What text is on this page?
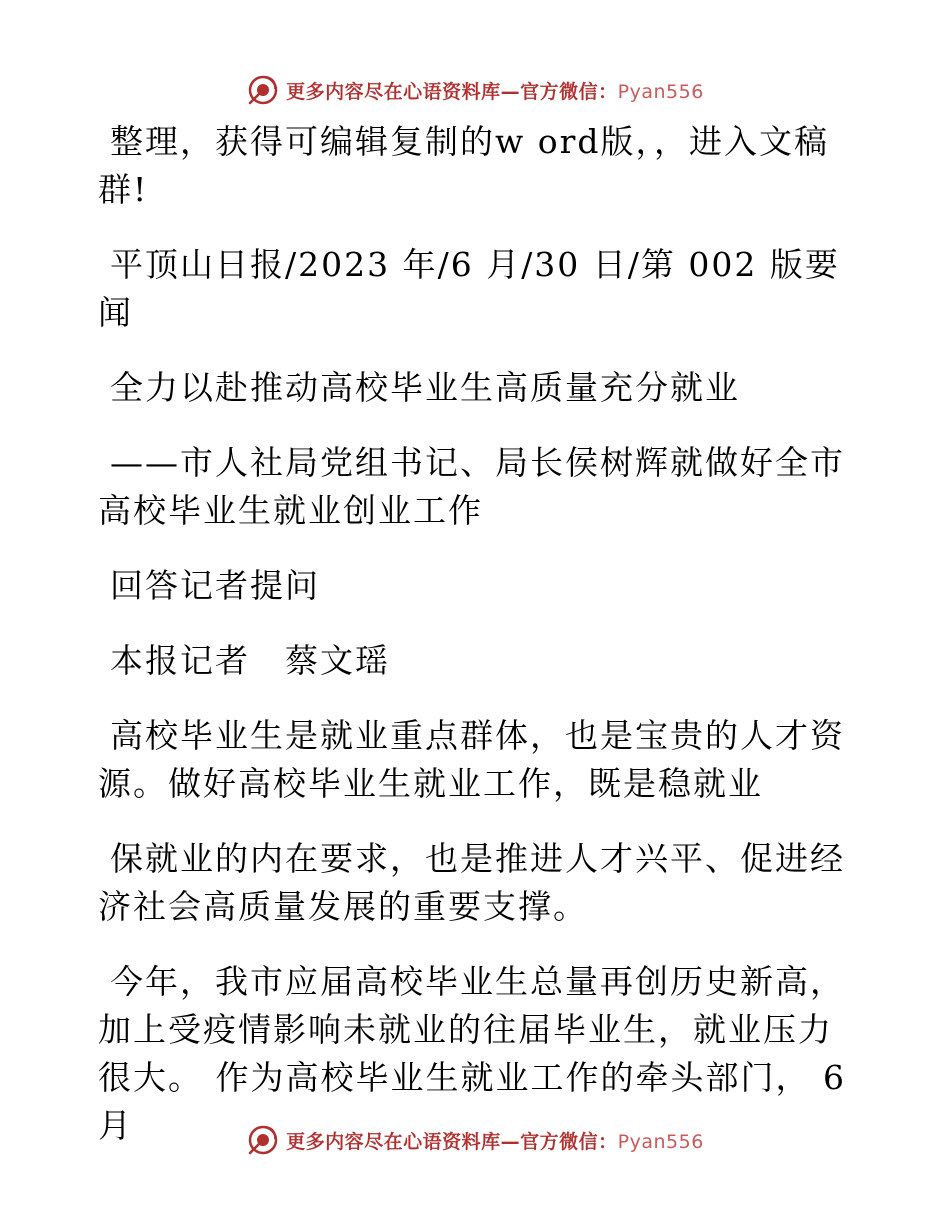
更多内容尽在心语资料库—官方微信：Pyan556

整理，获得可编辑复制的w ord版，，进入文稿群!

平顶山日报/2023 年/6 月/30 日/第 002 版要闻

全力以赴推动高校毕业生高质量充分就业

——市人社局党组书记、局长侯树辉就做好全市高校毕业生就业创业工作

回答记者提问

本报记者　蔡文瑶

高校毕业生是就业重点群体，也是宝贵的人才资源。做好高校毕业生就业工作，既是稳就业

保就业的内在要求，也是推进人才兴平、促进经济社会高质量发展的重要支撑。

今年，我市应届高校毕业生总量再创历史新高，加上受疫情影响未就业的往届毕业生，就业压力很大。 作为高校毕业生就业工作的牵头部门， 6 月	更多内容尽在心语资料库—官方微信：Pyan556
